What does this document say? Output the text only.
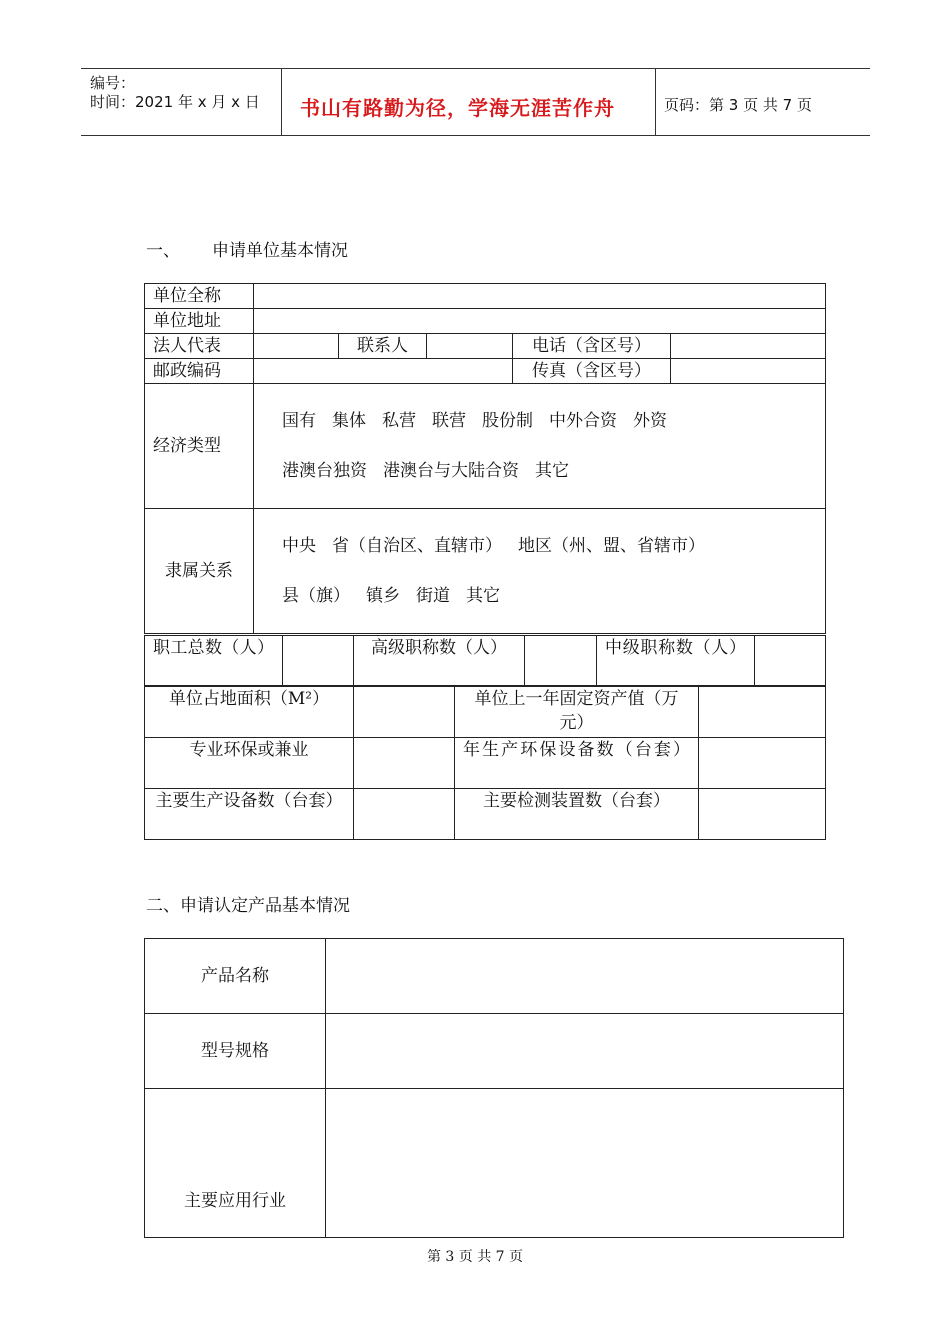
编号：
时间：2021 年 x 月 x 日 书山有路勤为径，学海无涯苦作舟	页码：第 3 页 共 7 页
一、 申请单位基本情况
单位全称					
单位地址					
法人代表		联系人		电话（含区号）	
邮政编码				传真（含区号）	
经济类型	国有 集体 私营 联营 股份制 中外合资 外资
港澳台独资 港澳台与大陆合资 其它				

隶属关系	中央 省（自治区、直辖市） 地区（州、盟、省辖市）
县（旗） 镇乡 街道 其它				
职工总数（人）		高级职称数（人）		中级职称数（人）	
单位占地面积（M²）		单位上一年固定资产值（万元）	
专业环保或兼业		年生产环保设备数（台套）	
主要生产设备数（台套）		主要检测装置数（台套）	
二、申请认定产品基本情况
产品名称	
型号规格	
主要应用行业	
第 3 页 共 7 页
